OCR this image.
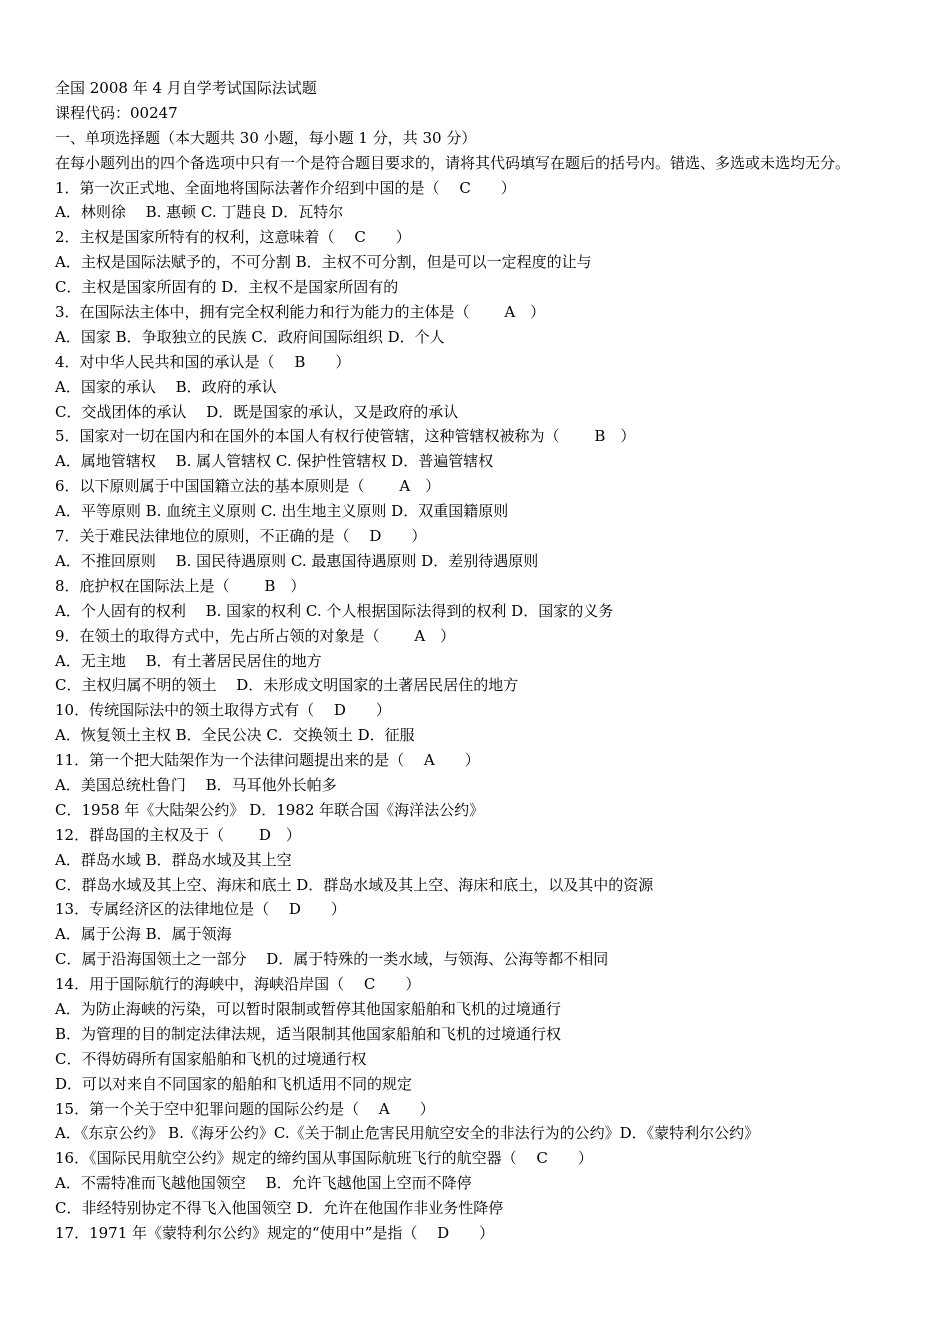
全国 2008 年 4 月自学考试国际法试题
课程代码：00247
一、单项选择题（本大题共 30 小题，每小题 1 分，共 30 分）
在每小题列出的四个备选项中只有一个是符合题目要求的，请将其代码填写在题后的括号内。错选、多选或未选均无分。
1．第一次正式地、全面地将国际法著作介绍到中国的是（　 C　　）
A．林则徐　 B. 惠顿 C. 丁韪良 D．瓦特尔
2．主权是国家所特有的权利，这意味着（　 C　　）
A．主权是国际法赋予的，不可分割 B．主权不可分割，但是可以一定程度的让与
C．主权是国家所固有的 D．主权不是国家所固有的
3．在国际法主体中，拥有完全权利能力和行为能力的主体是（　　 A　）
A．国家 B．争取独立的民族 C．政府间国际组织 D．个人
4．对中华人民共和国的承认是（　 B　　）
A．国家的承认　 B．政府的承认
C．交战团体的承认　 D．既是国家的承认，又是政府的承认
5．国家对一切在国内和在国外的本国人有权行使管辖，这种管辖权被称为（　　 B　）
A．属地管辖权　 B. 属人管辖权 C. 保护性管辖权 D．普遍管辖权
6．以下原则属于中国国籍立法的基本原则是（　　 A　）
A．平等原则 B. 血统主义原则 C. 出生地主义原则 D．双重国籍原则
7．关于难民法律地位的原则，不正确的是（　 D　　）
A．不推回原则　 B. 国民待遇原则 C. 最惠国待遇原则 D．差别待遇原则
8．庇护权在国际法上是（　　 B　）
A．个人固有的权利　 B. 国家的权利 C. 个人根据国际法得到的权利 D．国家的义务
9．在领土的取得方式中，先占所占领的对象是（　　 A　）
A．无主地　 B．有土著居民居住的地方
C．主权归属不明的领土　 D．未形成文明国家的土著居民居住的地方
10．传统国际法中的领土取得方式有（　 D　　）
A．恢复领土主权 B．全民公决 C．交换领土 D．征服
11．第一个把大陆架作为一个法律问题提出来的是（　 A　　）
A．美国总统杜鲁门　 B．马耳他外长帕多
C．1958 年《大陆架公约》 D．1982 年联合国《海洋法公约》
12．群岛国的主权及于（　　 D　）
A．群岛水域 B．群岛水域及其上空
C．群岛水域及其上空、海床和底土 D．群岛水域及其上空、海床和底土，以及其中的资源
13．专属经济区的法律地位是（　 D　　）
A．属于公海 B．属于领海
C．属于沿海国领土之一部分　 D．属于特殊的一类水域，与领海、公海等都不相同
14．用于国际航行的海峡中，海峡沿岸国（　 C　　）
A．为防止海峡的污染，可以暂时限制或暂停其他国家船舶和飞机的过境通行
B．为管理的目的制定法律法规，适当限制其他国家船舶和飞机的过境通行权
C．不得妨碍所有国家船舶和飞机的过境通行权
D．可以对来自不同国家的船舶和飞机适用不同的规定
15．第一个关于空中犯罪问题的国际公约是（　 A　　）
A．《东京公约》 B.《海牙公约》C.《关于制止危害民用航空安全的非法行为的公约》D．《蒙特利尔公约》
16．《国际民用航空公约》规定的缔约国从事国际航班飞行的航空器（　 C　　）
A．不需特准而飞越他国领空　 B．允许飞越他国上空而不降停
C．非经特别协定不得飞入他国领空 D．允许在他国作非业务性降停
17．1971 年《蒙特利尔公约》规定的“使用中”是指（　 D　　）
